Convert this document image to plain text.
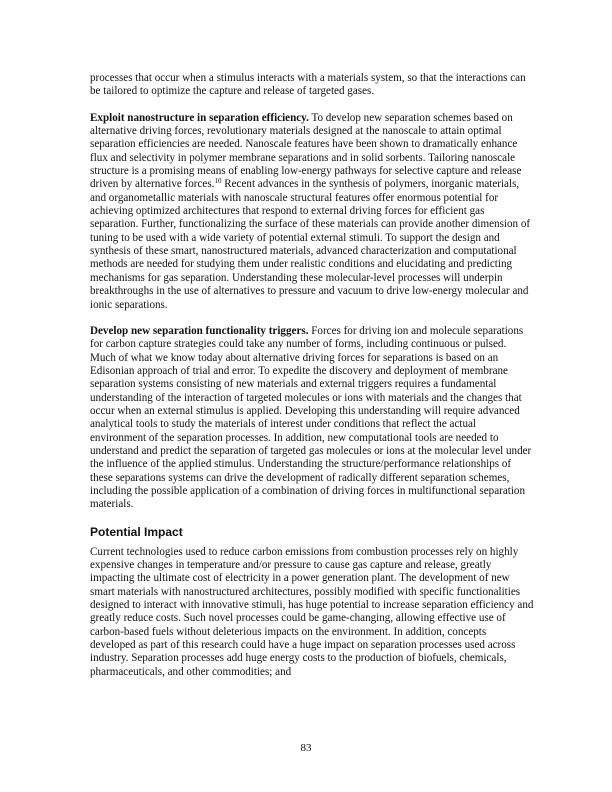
processes that occur when a stimulus interacts with a materials system, so that the interactions can be tailored to optimize the capture and release of targeted gases.

Exploit nanostructure in separation efficiency. To develop new separation schemes based on alternative driving forces, revolutionary materials designed at the nanoscale to attain optimal separation efficiencies are needed. Nanoscale features have been shown to dramatically enhance flux and selectivity in polymer membrane separations and in solid sorbents. Tailoring nanoscale structure is a promising means of enabling low-energy pathways for selective capture and release driven by alternative forces.$^{10}$ Recent advances in the synthesis of polymers, inorganic materials, and organometallic materials with nanoscale structural features offer enormous potential for achieving optimized architectures that respond to external driving forces for efficient gas separation. Further, functionalizing the surface of these materials can provide another dimension of tuning to be used with a wide variety of potential external stimuli. To support the design and synthesis of these smart, nanostructured materials, advanced characterization and computational methods are needed for studying them under realistic conditions and elucidating and predicting mechanisms for gas separation. Understanding these molecular-level processes will underpin breakthroughs in the use of alternatives to pressure and vacuum to drive low-energy molecular and ionic separations.

Develop new separation functionality triggers. Forces for driving ion and molecule separations for carbon capture strategies could take any number of forms, including continuous or pulsed. Much of what we know today about alternative driving forces for separations is based on an Edisonian approach of trial and error. To expedite the discovery and deployment of membrane separation systems consisting of new materials and external triggers requires a fundamental understanding of the interaction of targeted molecules or ions with materials and the changes that occur when an external stimulus is applied. Developing this understanding will require advanced analytical tools to study the materials of interest under conditions that reflect the actual environment of the separation processes. In addition, new computational tools are needed to understand and predict the separation of targeted gas molecules or ions at the molecular level under the influence of the applied stimulus. Understanding the structure/performance relationships of these separations systems can drive the development of radically different separation schemes, including the possible application of a combination of driving forces in multifunctional separation materials.

Potential Impact

Current technologies used to reduce carbon emissions from combustion processes rely on highly expensive changes in temperature and/or pressure to cause gas capture and release, greatly impacting the ultimate cost of electricity in a power generation plant. The development of new smart materials with nanostructured architectures, possibly modified with specific functionalities designed to interact with innovative stimuli, has huge potential to increase separation efficiency and greatly reduce costs. Such novel processes could be game-changing, allowing effective use of carbon-based fuels without deleterious impacts on the environment. In addition, concepts developed as part of this research could have a huge impact on separation processes used across industry. Separation processes add huge energy costs to the production of biofuels, chemicals, pharmaceuticals, and other commodities; and

83
